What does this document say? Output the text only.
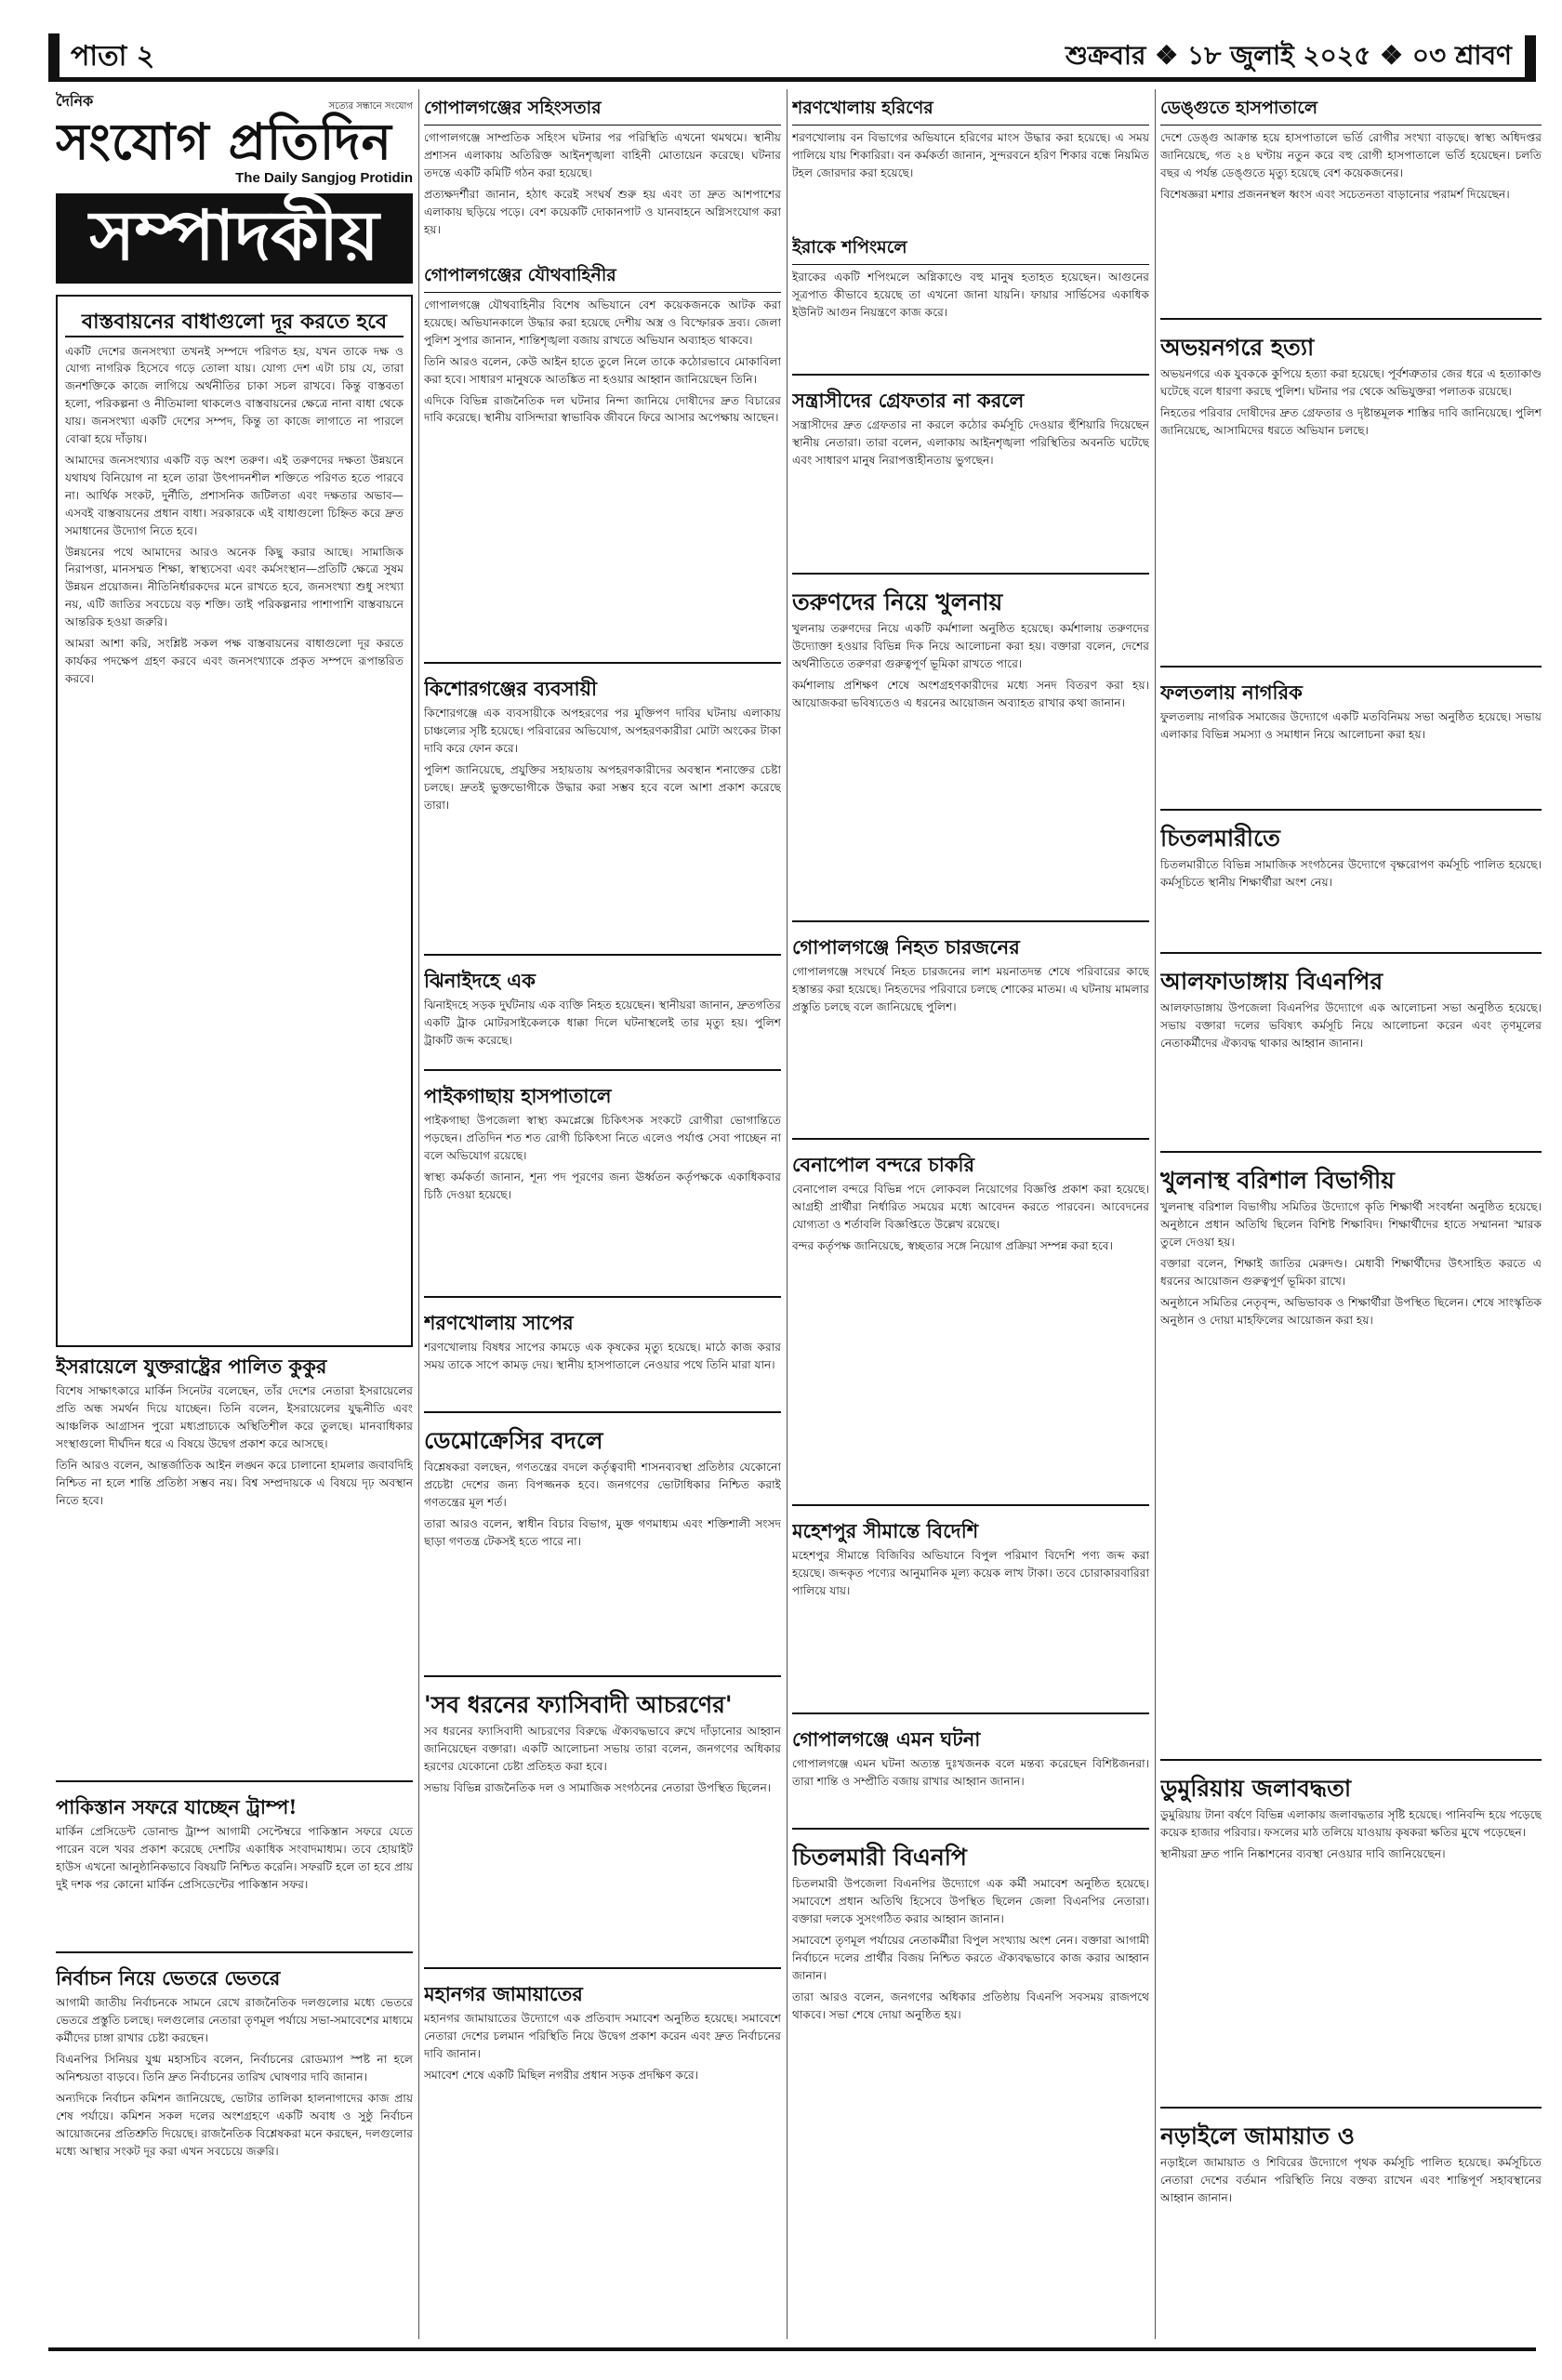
পাতা ২	শুক্রবার ❖ ১৮ জুলাই ২০২৫ ❖ ০৩ শ্রাবণ
দৈনিক	সত্যের সন্ধানে সংযোগ
সংযোগ প্রতিদিন
The Daily Sangjog Protidin
সম্পাদকীয়
বাস্তবায়নের বাধাগুলো দূর করতে হবে

একটি দেশের জনসংখ্যা তখনই সম্পদে পরিণত হয়, যখন তাকে দক্ষ ও যোগ্য নাগরিক হিসেবে গড়ে তোলা যায়। যোগ্য দেশ এটা চায় যে, তারা জনশক্তিকে কাজে লাগিয়ে অর্থনীতির চাকা সচল রাখবে। কিন্তু বাস্তবতা হলো, পরিকল্পনা ও নীতিমালা থাকলেও বাস্তবায়নের ক্ষেত্রে নানা বাধা থেকে যায়। জনসংখ্যা একটি দেশের সম্পদ, কিন্তু তা কাজে লাগাতে না পারলে বোঝা হয়ে দাঁড়ায়।

আমাদের জনসংখ্যার একটি বড় অংশ তরুণ। এই তরুণদের দক্ষতা উন্নয়নে যথাযথ বিনিয়োগ না হলে তারা উৎপাদনশীল শক্তিতে পরিণত হতে পারবে না। আর্থিক সংকট, দুর্নীতি, প্রশাসনিক জটিলতা এবং দক্ষতার অভাব—এসবই বাস্তবায়নের প্রধান বাধা। সরকারকে এই বাধাগুলো চিহ্নিত করে দ্রুত সমাধানের উদ্যোগ নিতে হবে।

উন্নয়নের পথে আমাদের আরও অনেক কিছু করার আছে। সামাজিক নিরাপত্তা, মানসম্মত শিক্ষা, স্বাস্থ্যসেবা এবং কর্মসংস্থান—প্রতিটি ক্ষেত্রে সুষম উন্নয়ন প্রয়োজন। নীতিনির্ধারকদের মনে রাখতে হবে, জনসংখ্যা শুধু সংখ্যা নয়, এটি জাতির সবচেয়ে বড় শক্তি। তাই পরিকল্পনার পাশাপাশি বাস্তবায়নে আন্তরিক হওয়া জরুরি।

আমরা আশা করি, সংশ্লিষ্ট সকল পক্ষ বাস্তবায়নের বাধাগুলো দূর করতে কার্যকর পদক্ষেপ গ্রহণ করবে এবং জনসংখ্যাকে প্রকৃত সম্পদে রূপান্তরিত করবে।

ইসরায়েলে যুক্তরাষ্ট্রের পালিত কুকুর

বিশেষ সাক্ষাৎকারে মার্কিন সিনেটর বলেছেন, তাঁর দেশের নেতারা ইসরায়েলের প্রতি অন্ধ সমর্থন দিয়ে যাচ্ছেন। তিনি বলেন, ইসরায়েলের যুদ্ধনীতি এবং আঞ্চলিক আগ্রাসন পুরো মধ্যপ্রাচ্যকে অস্থিতিশীল করে তুলছে। মানবাধিকার সংস্থাগুলো দীর্ঘদিন ধরে এ বিষয়ে উদ্বেগ প্রকাশ করে আসছে।

তিনি আরও বলেন, আন্তর্জাতিক আইন লঙ্ঘন করে চালানো হামলার জবাবদিহি নিশ্চিত না হলে শান্তি প্রতিষ্ঠা সম্ভব নয়। বিশ্ব সম্প্রদায়কে এ বিষয়ে দৃঢ় অবস্থান নিতে হবে।

পাকিস্তান সফরে যাচ্ছেন ট্রাম্প!

মার্কিন প্রেসিডেন্ট ডোনাল্ড ট্রাম্প আগামী সেপ্টেম্বরে পাকিস্তান সফরে যেতে পারেন বলে খবর প্রকাশ করেছে দেশটির একাধিক সংবাদমাধ্যম। তবে হোয়াইট হাউস এখনো আনুষ্ঠানিকভাবে বিষয়টি নিশ্চিত করেনি। সফরটি হলে তা হবে প্রায় দুই দশক পর কোনো মার্কিন প্রেসিডেন্টের পাকিস্তান সফর।

নির্বাচন নিয়ে ভেতরে ভেতরে

আগামী জাতীয় নির্বাচনকে সামনে রেখে রাজনৈতিক দলগুলোর মধ্যে ভেতরে ভেতরে প্রস্তুতি চলছে। দলগুলোর নেতারা তৃণমূল পর্যায়ে সভা-সমাবেশের মাধ্যমে কর্মীদের চাঙ্গা রাখার চেষ্টা করছেন।

বিএনপির সিনিয়র যুগ্ম মহাসচিব বলেন, নির্বাচনের রোডম্যাপ স্পষ্ট না হলে অনিশ্চয়তা বাড়বে। তিনি দ্রুত নির্বাচনের তারিখ ঘোষণার দাবি জানান।

অন্যদিকে নির্বাচন কমিশন জানিয়েছে, ভোটার তালিকা হালনাগাদের কাজ প্রায় শেষ পর্যায়ে। কমিশন সকল দলের অংশগ্রহণে একটি অবাধ ও সুষ্ঠু নির্বাচন আয়োজনের প্রতিশ্রুতি দিয়েছে। রাজনৈতিক বিশ্লেষকরা মনে করছেন, দলগুলোর মধ্যে আস্থার সংকট দূর করা এখন সবচেয়ে জরুরি।

গোপালগঞ্জের সহিংসতার

গোপালগঞ্জে সাম্প্রতিক সহিংস ঘটনার পর পরিস্থিতি এখনো থমথমে। স্থানীয় প্রশাসন এলাকায় অতিরিক্ত আইনশৃঙ্খলা বাহিনী মোতায়েন করেছে। ঘটনার তদন্তে একটি কমিটি গঠন করা হয়েছে।

প্রত্যক্ষদর্শীরা জানান, হঠাৎ করেই সংঘর্ষ শুরু হয় এবং তা দ্রুত আশপাশের এলাকায় ছড়িয়ে পড়ে। বেশ কয়েকটি দোকানপাট ও যানবাহনে অগ্নিসংযোগ করা হয়।

গোপালগঞ্জের যৌথবাহিনীর

গোপালগঞ্জে যৌথবাহিনীর বিশেষ অভিযানে বেশ কয়েকজনকে আটক করা হয়েছে। অভিযানকালে উদ্ধার করা হয়েছে দেশীয় অস্ত্র ও বিস্ফোরক দ্রব্য। জেলা পুলিশ সুপার জানান, শান্তিশৃঙ্খলা বজায় রাখতে অভিযান অব্যাহত থাকবে।

তিনি আরও বলেন, কেউ আইন হাতে তুলে নিলে তাকে কঠোরভাবে মোকাবিলা করা হবে। সাধারণ মানুষকে আতঙ্কিত না হওয়ার আহ্বান জানিয়েছেন তিনি।

এদিকে বিভিন্ন রাজনৈতিক দল ঘটনার নিন্দা জানিয়ে দোষীদের দ্রুত বিচারের দাবি করেছে। স্থানীয় বাসিন্দারা স্বাভাবিক জীবনে ফিরে আসার অপেক্ষায় আছেন।

কিশোরগঞ্জের ব্যবসায়ী

কিশোরগঞ্জে এক ব্যবসায়ীকে অপহরণের পর মুক্তিপণ দাবির ঘটনায় এলাকায় চাঞ্চল্যের সৃষ্টি হয়েছে। পরিবারের অভিযোগ, অপহরণকারীরা মোটা অংকের টাকা দাবি করে ফোন করে।

পুলিশ জানিয়েছে, প্রযুক্তির সহায়তায় অপহরণকারীদের অবস্থান শনাক্তের চেষ্টা চলছে। দ্রুতই ভুক্তভোগীকে উদ্ধার করা সম্ভব হবে বলে আশা প্রকাশ করেছে তারা।

ঝিনাইদহে এক

ঝিনাইদহে সড়ক দুর্ঘটনায় এক ব্যক্তি নিহত হয়েছেন। স্থানীয়রা জানান, দ্রুতগতির একটি ট্রাক মোটরসাইকেলকে ধাক্কা দিলে ঘটনাস্থলেই তার মৃত্যু হয়। পুলিশ ট্রাকটি জব্দ করেছে।

পাইকগাছায় হাসপাতালে

পাইকগাছা উপজেলা স্বাস্থ্য কমপ্লেক্সে চিকিৎসক সংকটে রোগীরা ভোগান্তিতে পড়ছেন। প্রতিদিন শত শত রোগী চিকিৎসা নিতে এলেও পর্যাপ্ত সেবা পাচ্ছেন না বলে অভিযোগ রয়েছে।

স্বাস্থ্য কর্মকর্তা জানান, শূন্য পদ পূরণের জন্য ঊর্ধ্বতন কর্তৃপক্ষকে একাধিকবার চিঠি দেওয়া হয়েছে।

শরণখোলায় সাপের

শরণখোলায় বিষধর সাপের কামড়ে এক কৃষকের মৃত্যু হয়েছে। মাঠে কাজ করার সময় তাকে সাপে কামড় দেয়। স্থানীয় হাসপাতালে নেওয়ার পথে তিনি মারা যান।

ডেমোক্রেসির বদলে

বিশ্লেষকরা বলছেন, গণতন্ত্রের বদলে কর্তৃত্ববাদী শাসনব্যবস্থা প্রতিষ্ঠার যেকোনো প্রচেষ্টা দেশের জন্য বিপজ্জনক হবে। জনগণের ভোটাধিকার নিশ্চিত করাই গণতন্ত্রের মূল শর্ত।

তারা আরও বলেন, স্বাধীন বিচার বিভাগ, মুক্ত গণমাধ্যম এবং শক্তিশালী সংসদ ছাড়া গণতন্ত্র টেকসই হতে পারে না।

'সব ধরনের ফ্যাসিবাদী আচরণের'

সব ধরনের ফ্যাসিবাদী আচরণের বিরুদ্ধে ঐক্যবদ্ধভাবে রুখে দাঁড়ানোর আহ্বান জানিয়েছেন বক্তারা। একটি আলোচনা সভায় তারা বলেন, জনগণের অধিকার হরণের যেকোনো চেষ্টা প্রতিহত করা হবে।

সভায় বিভিন্ন রাজনৈতিক দল ও সামাজিক সংগঠনের নেতারা উপস্থিত ছিলেন।

মহানগর জামায়াতের

মহানগর জামায়াতের উদ্যোগে এক প্রতিবাদ সমাবেশ অনুষ্ঠিত হয়েছে। সমাবেশে নেতারা দেশের চলমান পরিস্থিতি নিয়ে উদ্বেগ প্রকাশ করেন এবং দ্রুত নির্বাচনের দাবি জানান।

সমাবেশ শেষে একটি মিছিল নগরীর প্রধান সড়ক প্রদক্ষিণ করে।

শরণখোলায় হরিণের

শরণখোলায় বন বিভাগের অভিযানে হরিণের মাংস উদ্ধার করা হয়েছে। এ সময় পালিয়ে যায় শিকারিরা। বন কর্মকর্তা জানান, সুন্দরবনে হরিণ শিকার বন্ধে নিয়মিত টহল জোরদার করা হয়েছে।

ইরাকে শপিংমলে

ইরাকের একটি শপিংমলে অগ্নিকাণ্ডে বহু মানুষ হতাহত হয়েছেন। আগুনের সূত্রপাত কীভাবে হয়েছে তা এখনো জানা যায়নি। ফায়ার সার্ভিসের একাধিক ইউনিট আগুন নিয়ন্ত্রণে কাজ করে।

সন্ত্রাসীদের গ্রেফতার না করলে

সন্ত্রাসীদের দ্রুত গ্রেফতার না করলে কঠোর কর্মসূচি দেওয়ার হুঁশিয়ারি দিয়েছেন স্থানীয় নেতারা। তারা বলেন, এলাকায় আইনশৃঙ্খলা পরিস্থিতির অবনতি ঘটেছে এবং সাধারণ মানুষ নিরাপত্তাহীনতায় ভুগছেন।

তরুণদের নিয়ে খুলনায়

খুলনায় তরুণদের নিয়ে একটি কর্মশালা অনুষ্ঠিত হয়েছে। কর্মশালায় তরুণদের উদ্যোক্তা হওয়ার বিভিন্ন দিক নিয়ে আলোচনা করা হয়। বক্তারা বলেন, দেশের অর্থনীতিতে তরুণরা গুরুত্বপূর্ণ ভূমিকা রাখতে পারে।

কর্মশালায় প্রশিক্ষণ শেষে অংশগ্রহণকারীদের মধ্যে সনদ বিতরণ করা হয়। আয়োজকরা ভবিষ্যতেও এ ধরনের আয়োজন অব্যাহত রাখার কথা জানান।

গোপালগঞ্জে নিহত চারজনের

গোপালগঞ্জে সংঘর্ষে নিহত চারজনের লাশ ময়নাতদন্ত শেষে পরিবারের কাছে হস্তান্তর করা হয়েছে। নিহতদের পরিবারে চলছে শোকের মাতম। এ ঘটনায় মামলার প্রস্তুতি চলছে বলে জানিয়েছে পুলিশ।

বেনাপোল বন্দরে চাকরি

বেনাপোল বন্দরে বিভিন্ন পদে লোকবল নিয়োগের বিজ্ঞপ্তি প্রকাশ করা হয়েছে। আগ্রহী প্রার্থীরা নির্ধারিত সময়ের মধ্যে আবেদন করতে পারবেন। আবেদনের যোগ্যতা ও শর্তাবলি বিজ্ঞপ্তিতে উল্লেখ রয়েছে।

বন্দর কর্তৃপক্ষ জানিয়েছে, স্বচ্ছতার সঙ্গে নিয়োগ প্রক্রিয়া সম্পন্ন করা হবে।

মহেশপুর সীমান্তে বিদেশি

মহেশপুর সীমান্তে বিজিবির অভিযানে বিপুল পরিমাণ বিদেশি পণ্য জব্দ করা হয়েছে। জব্দকৃত পণ্যের আনুমানিক মূল্য কয়েক লাখ টাকা। তবে চোরাকারবারিরা পালিয়ে যায়।

গোপালগঞ্জে এমন ঘটনা

গোপালগঞ্জে এমন ঘটনা অত্যন্ত দুঃখজনক বলে মন্তব্য করেছেন বিশিষ্টজনরা। তারা শান্তি ও সম্প্রীতি বজায় রাখার আহ্বান জানান।

চিতলমারী বিএনপি

চিতলমারী উপজেলা বিএনপির উদ্যোগে এক কর্মী সমাবেশ অনুষ্ঠিত হয়েছে। সমাবেশে প্রধান অতিথি হিসেবে উপস্থিত ছিলেন জেলা বিএনপির নেতারা। বক্তারা দলকে সুসংগঠিত করার আহ্বান জানান।

সমাবেশে তৃণমূল পর্যায়ের নেতাকর্মীরা বিপুল সংখ্যায় অংশ নেন। বক্তারা আগামী নির্বাচনে দলের প্রার্থীর বিজয় নিশ্চিত করতে ঐক্যবদ্ধভাবে কাজ করার আহ্বান জানান।

তারা আরও বলেন, জনগণের অধিকার প্রতিষ্ঠায় বিএনপি সবসময় রাজপথে থাকবে। সভা শেষে দোয়া অনুষ্ঠিত হয়।

ডেঙ্গুতে হাসপাতালে

দেশে ডেঙ্গু আক্রান্ত হয়ে হাসপাতালে ভর্তি রোগীর সংখ্যা বাড়ছে। স্বাস্থ্য অধিদপ্তর জানিয়েছে, গত ২৪ ঘণ্টায় নতুন করে বহু রোগী হাসপাতালে ভর্তি হয়েছেন। চলতি বছর এ পর্যন্ত ডেঙ্গুতে মৃত্যু হয়েছে বেশ কয়েকজনের।

বিশেষজ্ঞরা মশার প্রজননস্থল ধ্বংস এবং সচেতনতা বাড়ানোর পরামর্শ দিয়েছেন।

অভয়নগরে হত্যা

অভয়নগরে এক যুবককে কুপিয়ে হত্যা করা হয়েছে। পূর্বশত্রুতার জের ধরে এ হত্যাকাণ্ড ঘটেছে বলে ধারণা করছে পুলিশ। ঘটনার পর থেকে অভিযুক্তরা পলাতক রয়েছে।

নিহতের পরিবার দোষীদের দ্রুত গ্রেফতার ও দৃষ্টান্তমূলক শাস্তির দাবি জানিয়েছে। পুলিশ জানিয়েছে, আসামিদের ধরতে অভিযান চলছে।

ফলতলায় নাগরিক

ফুলতলায় নাগরিক সমাজের উদ্যোগে একটি মতবিনিময় সভা অনুষ্ঠিত হয়েছে। সভায় এলাকার বিভিন্ন সমস্যা ও সমাধান নিয়ে আলোচনা করা হয়।

চিতলমারীতে

চিতলমারীতে বিভিন্ন সামাজিক সংগঠনের উদ্যোগে বৃক্ষরোপণ কর্মসূচি পালিত হয়েছে। কর্মসূচিতে স্থানীয় শিক্ষার্থীরা অংশ নেয়।

আলফাডাঙ্গায় বিএনপির

আলফাডাঙ্গায় উপজেলা বিএনপির উদ্যোগে এক আলোচনা সভা অনুষ্ঠিত হয়েছে। সভায় বক্তারা দলের ভবিষ্যৎ কর্মসূচি নিয়ে আলোচনা করেন এবং তৃণমূলের নেতাকর্মীদের ঐক্যবদ্ধ থাকার আহ্বান জানান।

খুলনাস্থ বরিশাল বিভাগীয়

খুলনাস্থ বরিশাল বিভাগীয় সমিতির উদ্যোগে কৃতি শিক্ষার্থী সংবর্ধনা অনুষ্ঠিত হয়েছে। অনুষ্ঠানে প্রধান অতিথি ছিলেন বিশিষ্ট শিক্ষাবিদ। শিক্ষার্থীদের হাতে সম্মাননা স্মারক তুলে দেওয়া হয়।

বক্তারা বলেন, শিক্ষাই জাতির মেরুদণ্ড। মেধাবী শিক্ষার্থীদের উৎসাহিত করতে এ ধরনের আয়োজন গুরুত্বপূর্ণ ভূমিকা রাখে।

অনুষ্ঠানে সমিতির নেতৃবৃন্দ, অভিভাবক ও শিক্ষার্থীরা উপস্থিত ছিলেন। শেষে সাংস্কৃতিক অনুষ্ঠান ও দোয়া মাহফিলের আয়োজন করা হয়।

ডুমুরিয়ায় জলাবদ্ধতা

ডুমুরিয়ায় টানা বর্ষণে বিভিন্ন এলাকায় জলাবদ্ধতার সৃষ্টি হয়েছে। পানিবন্দি হয়ে পড়েছে কয়েক হাজার পরিবার। ফসলের মাঠ তলিয়ে যাওয়ায় কৃষকরা ক্ষতির মুখে পড়েছেন।

স্থানীয়রা দ্রুত পানি নিষ্কাশনের ব্যবস্থা নেওয়ার দাবি জানিয়েছেন।

নড়াইলে জামায়াত ও

নড়াইলে জামায়াত ও শিবিরের উদ্যোগে পৃথক কর্মসূচি পালিত হয়েছে। কর্মসূচিতে নেতারা দেশের বর্তমান পরিস্থিতি নিয়ে বক্তব্য রাখেন এবং শান্তিপূর্ণ সহাবস্থানের আহ্বান জানান।
